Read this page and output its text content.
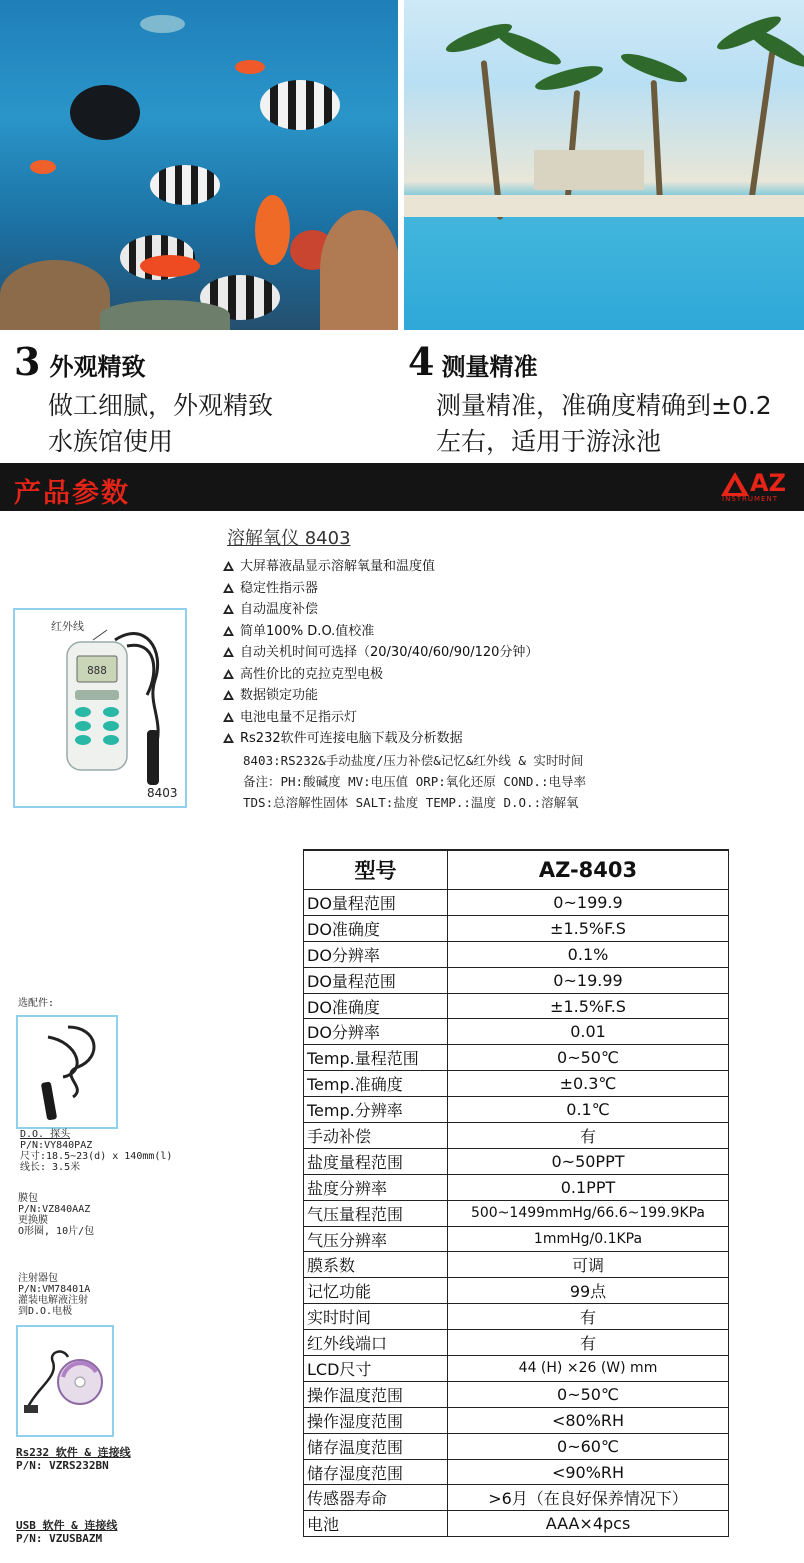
3 外观精致
做工细腻，外观精致
水族馆使用
4 测量精准
测量精准，准确度精确到±0.2
左右，适用于游泳池
产品参数	AZ
INSTRUMENT
溶解氧仪 8403
红外线
888
8403
大屏幕液晶显示溶解氧量和温度值
稳定性指示器
自动温度补偿
简单100% D.O.值校准
自动关机时间可选择（20/30/40/60/90/120分钟）
高性价比的克拉克型电极
数据锁定功能
电池电量不足指示灯
Rs232软件可连接电脑下载及分析数据
8403:RS232&手动盐度/压力补偿&记忆&红外线 & 实时时间
备注：PH:酸碱度 MV:电压值 ORP:氧化还原 COND.:电导率
TDS:总溶解性固体 SALT:盐度 TEMP.:温度 D.O.:溶解氧
选配件:
D.O. 探头
P/N:VY840PAZ
尺寸:18.5~23(d) x 140mm(l)
线长: 3.5米
膜包
P/N:VZ840AAZ
更换膜
O形圈, 10片/包
注射器包
P/N:VM78401A
灌装电解液注射
到D.O.电极
Rs232 软件 & 连接线
P/N: VZRS232BN
USB 软件 & 连接线
P/N: VZUSBAZM
型号	AZ-8403
DO量程范围	0~199.9
DO准确度	±1.5%F.S
DO分辨率	0.1%
DO量程范围	0~19.99
DO准确度	±1.5%F.S
DO分辨率	0.01
Temp.量程范围	0~50℃
Temp.准确度	±0.3℃
Temp.分辨率	0.1℃
手动补偿	有
盐度量程范围	0~50PPT
盐度分辨率	0.1PPT
气压量程范围	500~1499mmHg/66.6~199.9KPa
气压分辨率	1mmHg/0.1KPa
膜系数	可调
记忆功能	99点
实时时间	有
红外线端口	有
LCD尺寸	44 (H) ×26 (W) mm
操作温度范围	0~50℃
操作湿度范围	<80%RH
储存温度范围	0~60℃
储存湿度范围	<90%RH
传感器寿命	>6月（在良好保养情况下）
电池	AAA×4pcs
